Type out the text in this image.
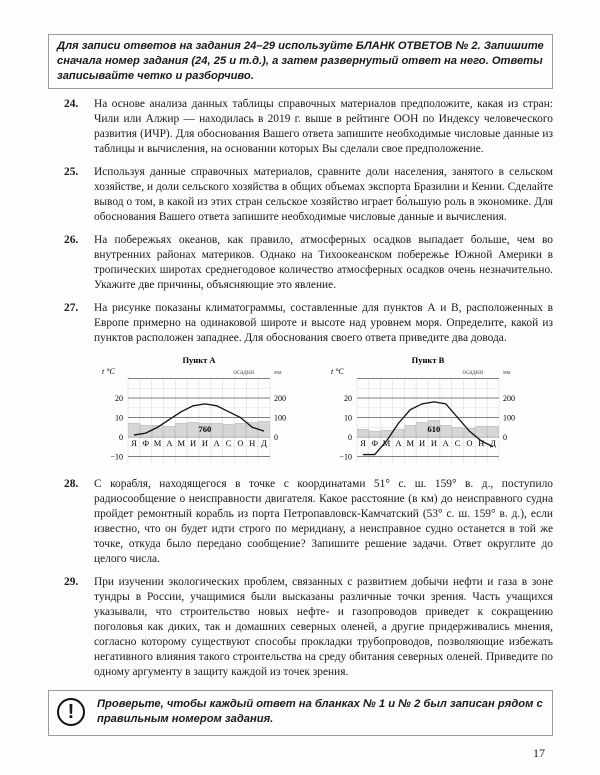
Для записи ответов на задания 24–29 используйте БЛАНК ОТВЕТОВ № 2. Запишите сначала номер задания (24, 25 и т.д.), а затем развернутый ответ на него. Ответы записывайте четко и разборчиво.
24. На основе анализа данных таблицы справочных материалов предположите, какая из стран: Чили или Алжир — находилась в 2019 г. выше в рейтинге ООН по Индексу человеческого развития (ИЧР). Для обоснования Вашего ответа запишите необходимые числовые данные из таблицы и вычисления, на основании которых Вы сделали свое предположение.
25. Используя данные справочных материалов, сравните доли населения, занятого в сельском хозяйстве, и доли сельского хозяйства в общих объемах экспорта Бразилии и Кении. Сделайте вывод о том, в какой из этих стран сельское хозяйство играет бо́льшую роль в экономике. Для обоснования Вашего ответа запишите необходимые числовые данные и вычисления.
26. На побережьях океанов, как правило, атмосферных осадков выпадает больше, чем во внутренних районах материков. Однако на Тихоокеанском побережье Южной Америки в тропических широтах среднегодовое количество атмосферных осадков очень незначительно. Укажите две причины, объясняющие это явление.
27. На рисунке показаны климатограммы, составленные для пунктов А и В, расположенных в Европе примерно на одинаковой широте и высоте над уровнем моря. Определите, какой из пунктов расположен западнее. Для обоснования своего ответа приведите два довода.
Пункт А
t °C	осадки	мм
20
10
0
−10
200
100
0
Я Ф М А М И И А С О Н Д
760
Пункт В
t °C	осадки	мм
20
10
0
−10
200
100
0
Я Ф М А М И И А С О Н Д
610
28. С корабля, находящегося в точке с координатами 51° с. ш. 159° в. д., поступило радиосообщение о неисправности двигателя. Какое расстояние (в км) до неисправного судна пройдет ремонтный корабль из порта Петропавловск-Камчатский (53° с. ш. 159° в. д.), если известно, что он будет идти строго по меридиану, а неисправное судно останется в той же точке, откуда было передано сообщение? Запишите решение задачи. Ответ округлите до целого числа.
29. При изучении экологических проблем, связанных с развитием добычи нефти и газа в зоне тундры в России, учащимися были высказаны различные точки зрения. Часть учащихся указывали, что строительство новых нефте- и газопроводов приведет к сокращению поголовья как диких, так и домашних северных оленей, а другие придерживались мнения, согласно которому существуют способы прокладки трубопроводов, позволяющие избежать негативного влияния такого строительства на среду обитания северных оленей. Приведите по одному аргументу в защиту каждой из точек зрения.
!	Проверьте, чтобы каждый ответ на бланках № 1 и № 2 был записан рядом с правильным номером задания.
17
